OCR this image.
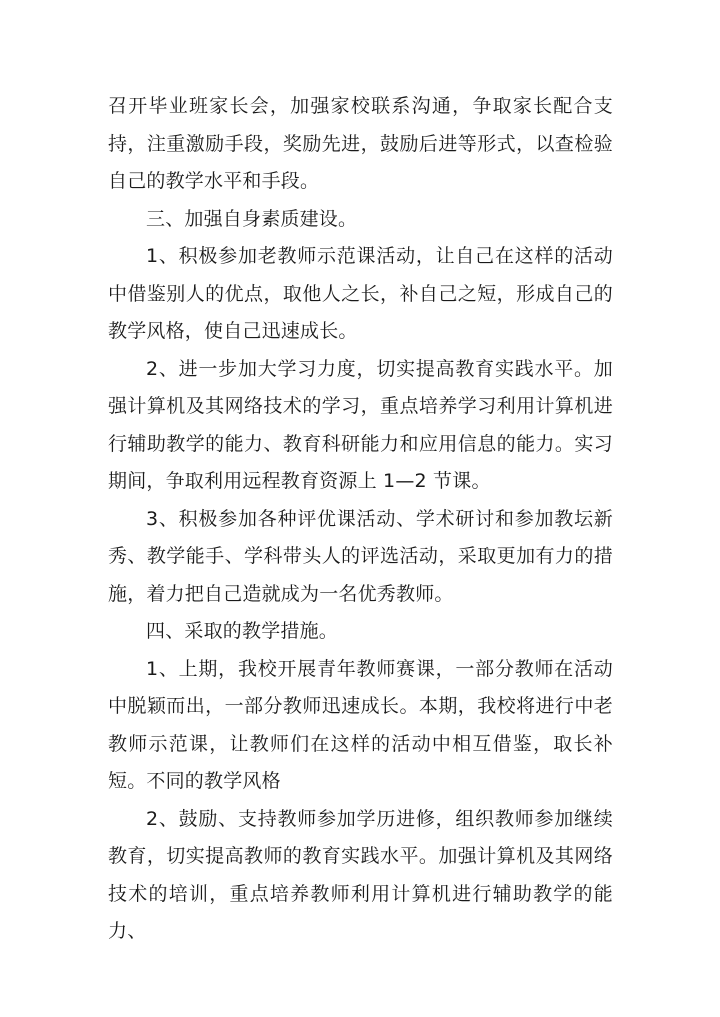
召开毕业班家长会，加强家校联系沟通，争取家长配合支持，注重激励手段，奖励先进，鼓励后进等形式，以查检验自己的教学水平和手段。

三、加强自身素质建设。

1、积极参加老教师示范课活动，让自己在这样的活动中借鉴别人的优点，取他人之长，补自己之短，形成自己的教学风格，使自己迅速成长。

2、进一步加大学习力度，切实提高教育实践水平。加强计算机及其网络技术的学习，重点培养学习利用计算机进行辅助教学的能力、教育科研能力和应用信息的能力。实习期间，争取利用远程教育资源上 1—2 节课。

3、积极参加各种评优课活动、学术研讨和参加教坛新秀、教学能手、学科带头人的评选活动，采取更加有力的措施，着力把自己造就成为一名优秀教师。

四、采取的教学措施。

1、上期，我校开展青年教师赛课，一部分教师在活动中脱颖而出，一部分教师迅速成长。本期，我校将进行中老教师示范课，让教师们在这样的活动中相互借鉴，取长补短。不同的教学风格

2、鼓励、支持教师参加学历进修，组织教师参加继续教育，切实提高教师的教育实践水平。加强计算机及其网络技术的培训，重点培养教师利用计算机进行辅助教学的能力、
